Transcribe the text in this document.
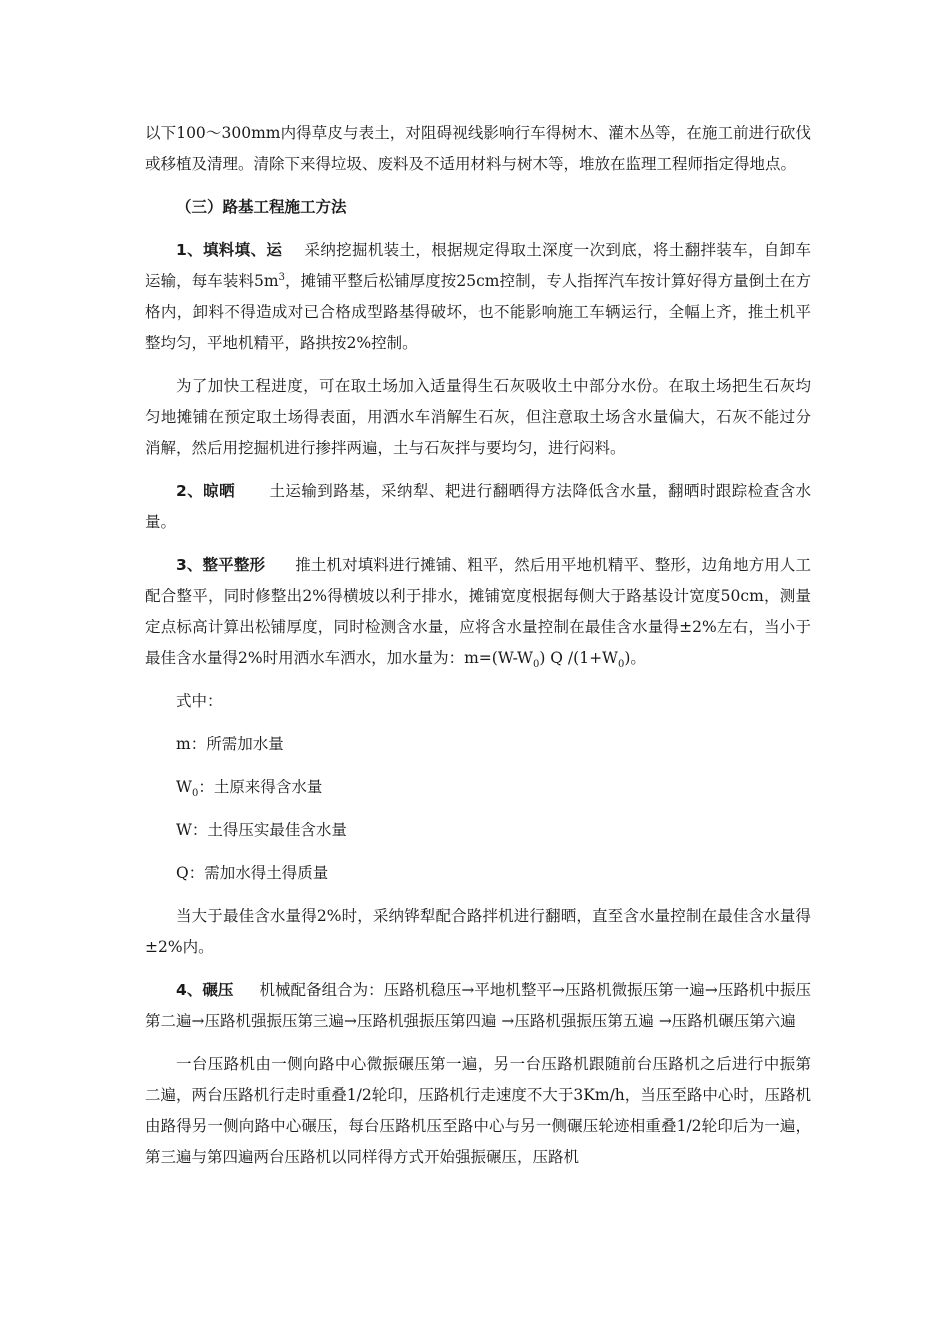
以下100～300mm内得草皮与表土，对阻碍视线影响行车得树木、灌木丛等，在施工前进行砍伐或移植及清理。清除下来得垃圾、废料及不适用材料与树木等，堆放在监理工程师指定得地点。

（三）路基工程施工方法

1、填料填、运 采纳挖掘机装土，根据规定得取土深度一次到底，将土翻拌装车，自卸车运输，每车装料$5m^3$，摊铺平整后松铺厚度按25cm控制，专人指挥汽车按计算好得方量倒土在方格内，卸料不得造成对已合格成型路基得破坏，也不能影响施工车辆运行，全幅上齐，推土机平整均匀，平地机精平，路拱按2%控制。

为了加快工程进度，可在取土场加入适量得生石灰吸收土中部分水份。在取土场把生石灰均匀地摊铺在预定取土场得表面，用洒水车消解生石灰，但注意取土场含水量偏大，石灰不能过分消解，然后用挖掘机进行掺拌两遍，土与石灰拌与要均匀，进行闷料。

2、晾晒 土运输到路基，采纳犁、耙进行翻晒得方法降低含水量，翻晒时跟踪检查含水量。

3、整平整形 推土机对填料进行摊铺、粗平，然后用平地机精平、整形，边角地方用人工配合整平，同时修整出2%得横坡以利于排水，摊铺宽度根据每侧大于路基设计宽度50cm，测量定点标高计算出松铺厚度，同时检测含水量，应将含水量控制在最佳含水量得±2%左右，当小于最佳含水量得2%时用洒水车洒水，加水量为：$m=(W-W_0)$ Q $/(1+W_0)$。

式中：

m：所需加水量

$W_0$：土原来得含水量

W：土得压实最佳含水量

Q：需加水得土得质量

当大于最佳含水量得2%时，采纳铧犁配合路拌机进行翻晒，直至含水量控制在最佳含水量得±2%内。

4、碾压 机械配备组合为：压路机稳压→平地机整平→压路机微振压第一遍→压路机中振压第二遍→压路机强振压第三遍→压路机强振压第四遍 →压路机强振压第五遍 →压路机碾压第六遍

一台压路机由一侧向路中心微振碾压第一遍，另一台压路机跟随前台压路机之后进行中振第二遍，两台压路机行走时重叠1/2轮印，压路机行走速度不大于3Km/h，当压至路中心时，压路机由路得另一侧向路中心碾压，每台压路机压至路中心与另一侧碾压轮迹相重叠1/2轮印后为一遍，第三遍与第四遍两台压路机以同样得方式开始强振碾压，压路机
